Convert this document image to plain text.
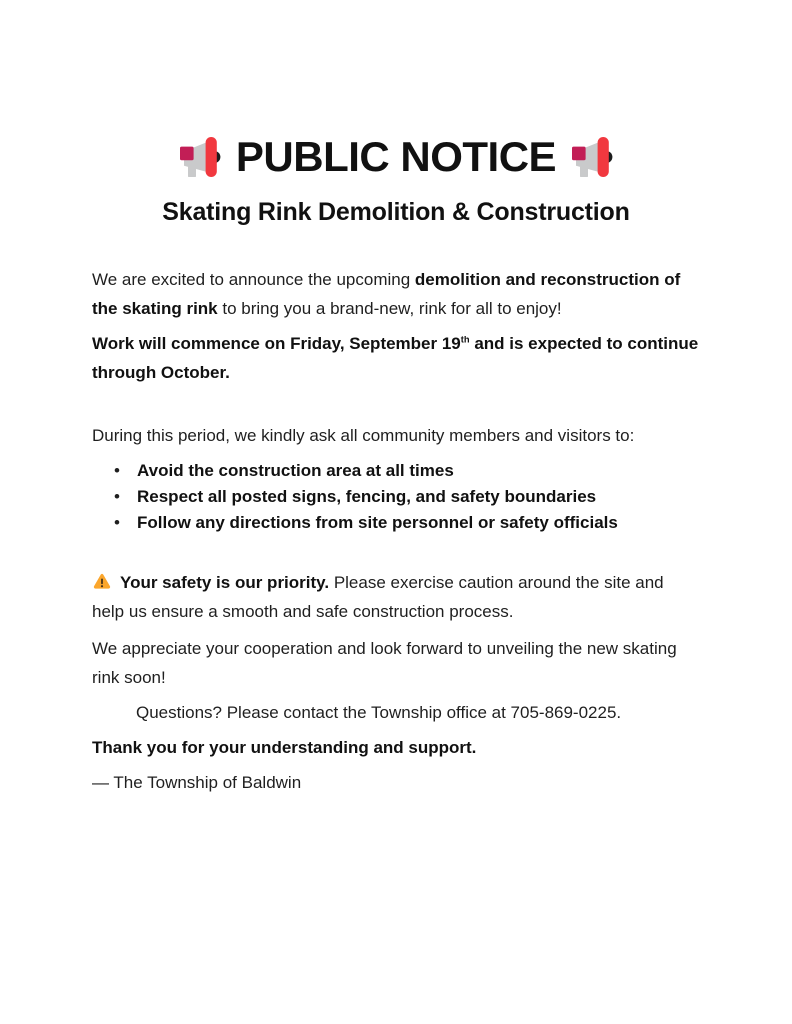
PUBLIC NOTICE
Skating Rink Demolition & Construction

We are excited to announce the upcoming demolition and reconstruction of the skating rink to bring you a brand-new, rink for all to enjoy!

Work will commence on Friday, September 19th and is expected to continue through October.

During this period, we kindly ask all community members and visitors to:

• Avoid the construction area at all times
• Respect all posted signs, fencing, and safety boundaries
• Follow any directions from site personnel or safety officials

Your safety is our priority. Please exercise caution around the site and help us ensure a smooth and safe construction process.

We appreciate your cooperation and look forward to unveiling the new skating rink soon!

Questions? Please contact the Township office at 705-869-0225.

Thank you for your understanding and support.

— The Township of Baldwin
